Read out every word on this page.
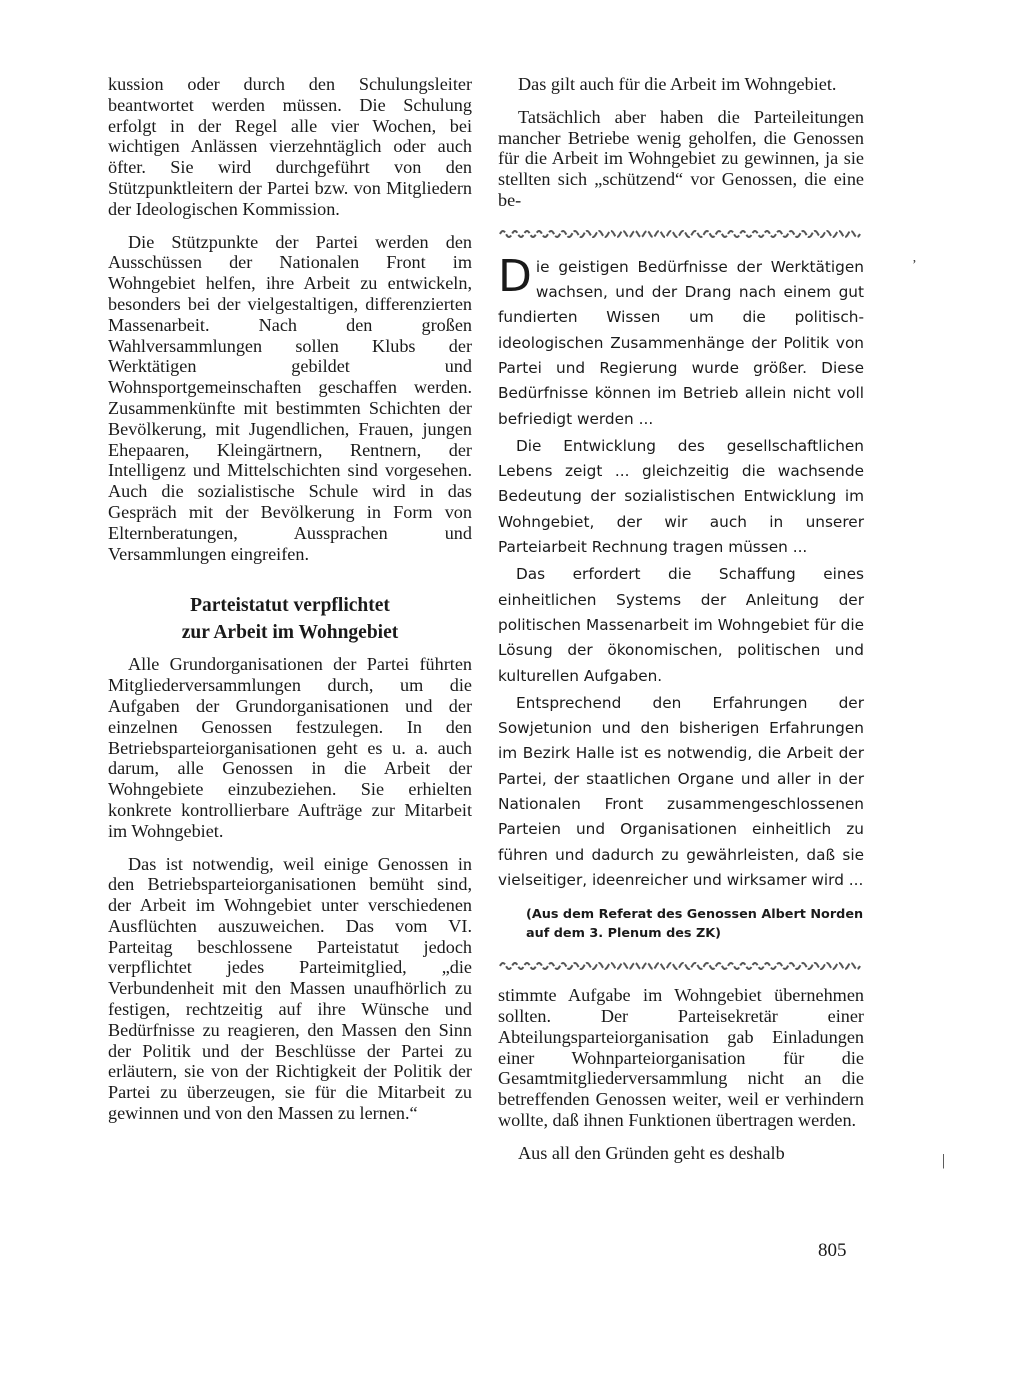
kussion oder durch den Schulungsleiter beantwortet werden müssen. Die Schulung erfolgt in der Regel alle vier Wochen, bei wichtigen Anlässen vierzehntäglich oder auch öfter. Sie wird durchgeführt von den Stützpunktleitern der Partei bzw. von Mitgliedern der Ideologischen Kommission.

Die Stützpunkte der Partei werden den Ausschüssen der Nationalen Front im Wohngebiet helfen, ihre Arbeit zu entwickeln, besonders bei der vielgestaltigen, differenzierten Massenarbeit. Nach den großen Wahlversammlungen sollen Klubs der Werktätigen gebildet und Wohnsportgemeinschaften geschaffen werden. Zusammenkünfte mit bestimmten Schichten der Bevölkerung, mit Jugendlichen, Frauen, jungen Ehepaaren, Kleingärtnern, Rentnern, der Intelligenz und Mittelschichten sind vorgesehen. Auch die sozialistische Schule wird in das Gespräch mit der Bevölkerung in Form von Elternberatungen, Aussprachen und Versammlungen eingreifen.

Parteistatut verpflichtet
zur Arbeit im Wohngebiet

Alle Grundorganisationen der Partei führten Mitgliederversammlungen durch, um die Aufgaben der Grundorganisationen und der einzelnen Genossen festzulegen. In den Betriebsparteiorganisationen geht es u. a. auch darum, alle Genossen in die Arbeit der Wohngebiete einzubeziehen. Sie erhielten konkrete kontrollierbare Aufträge zur Mitarbeit im Wohngebiet.

Das ist notwendig, weil einige Genossen in den Betriebsparteiorganisationen bemüht sind, der Arbeit im Wohngebiet unter verschiedenen Ausflüchten auszuweichen. Das vom VI. Parteitag beschlossene Parteistatut jedoch verpflichtet jedes Parteimitglied, „die Verbundenheit mit den Massen unaufhörlich zu festigen, rechtzeitig auf ihre Wünsche und Bedürfnisse zu reagieren, den Massen den Sinn der Politik und der Beschlüsse der Partei zu erläutern, sie von der Richtigkeit der Politik der Partei zu überzeugen, sie für die Mitarbeit zu gewinnen und von den Massen zu lernen.“

Das gilt auch für die Arbeit im Wohngebiet.

Tatsächlich aber haben die Parteileitungen mancher Betriebe wenig geholfen, die Genossen für die Arbeit im Wohngebiet zu gewinnen, ja sie stellten sich „schützend“ vor Genossen, die eine be-

Die geistigen Bedürfnisse der Werktätigen wachsen, und der Drang nach einem gut fundierten Wissen um die politisch-ideologischen Zusammenhänge der Politik von Partei und Regierung wurde größer. Diese Bedürfnisse können im Betrieb allein nicht voll befriedigt werden ...

Die Entwicklung des gesellschaftlichen Lebens zeigt ... gleichzeitig die wachsende Bedeutung der sozialistischen Entwicklung im Wohngebiet, der wir auch in unserer Parteiarbeit Rechnung tragen müssen ...

Das erfordert die Schaffung eines einheitlichen Systems der Anleitung der politischen Massenarbeit im Wohngebiet für die Lösung der ökonomischen, politischen und kulturellen Aufgaben.

Entsprechend den Erfahrungen der Sowjetunion und den bisherigen Erfahrungen im Bezirk Halle ist es notwendig, die Arbeit der Partei, der staatlichen Organe und aller in der Nationalen Front zusammengeschlossenen Parteien und Organisationen einheitlich zu führen und dadurch zu gewährleisten, daß sie vielseitiger, ideenreicher und wirksamer wird ...

(Aus dem Referat des Genossen Albert Norden
auf dem 3. Plenum des ZK)

stimmte Aufgabe im Wohngebiet übernehmen sollten. Der Parteisekretär einer Abteilungsparteiorganisation gab Einladungen einer Wohnparteiorganisation für die Gesamtmitgliederversammlung nicht an die betreffenden Genossen weiter, weil er verhindern wollte, daß ihnen Funktionen übertragen werden.

Aus all den Gründen geht es deshalb

805
’
|
